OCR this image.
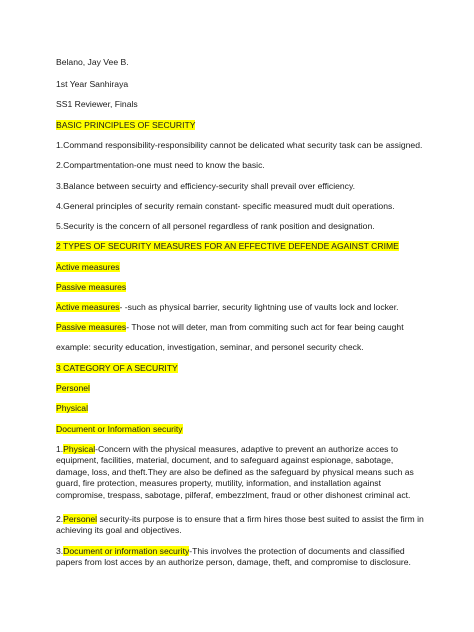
Belano, Jay Vee B.
1st Year Sanhiraya
SS1 Reviewer, Finals
BASIC PRINCIPLES OF SECURITY
1.Command responsibility-responsibility cannot be delicated what security task can be assigned.
2.Compartmentation-one must need to know the basic.
3.Balance between secuirty and efficiency-security shall prevail over efficiency.
4.General principles of security remain constant- specific measured mudt duit operations.
5.Security is the concern of all personel regardless of rank position and designation.
2 TYPES OF SECURITY MEASURES FOR AN EFFECTIVE DEFENDE AGAINST CRIME
Active measures
Passive measures
Active measures- -such as physical barrier, security lightning use of vaults lock and locker.
Passive measures- Those not will deter, man from commiting such act for fear being caught
example: security education, investigation, seminar, and personel security check.
3 CATEGORY OF A SECURITY
Personel
Physical
Document or Information security
1.Physical-Concern with the physical measures, adaptive to prevent an authorize acces to equipment, facilities, material, document, and to safeguard against espionage, sabotage, damage, loss, and theft.They are also be defined as the safeguard by physical means such as guard, fire protection, measures property, mutility, information, and installation against compromise, trespass, sabotage, pilferaf, embezzlment, fraud or other dishonest criminal act.
2.Personel security-its purpose is to ensure that a firm hires those best suited to assist the firm in achieving its goal and objectives.
3.Document or information security-This involves the protection of documents and classified papers from lost acces by an authorize person, damage, theft, and compromise to disclosure.
